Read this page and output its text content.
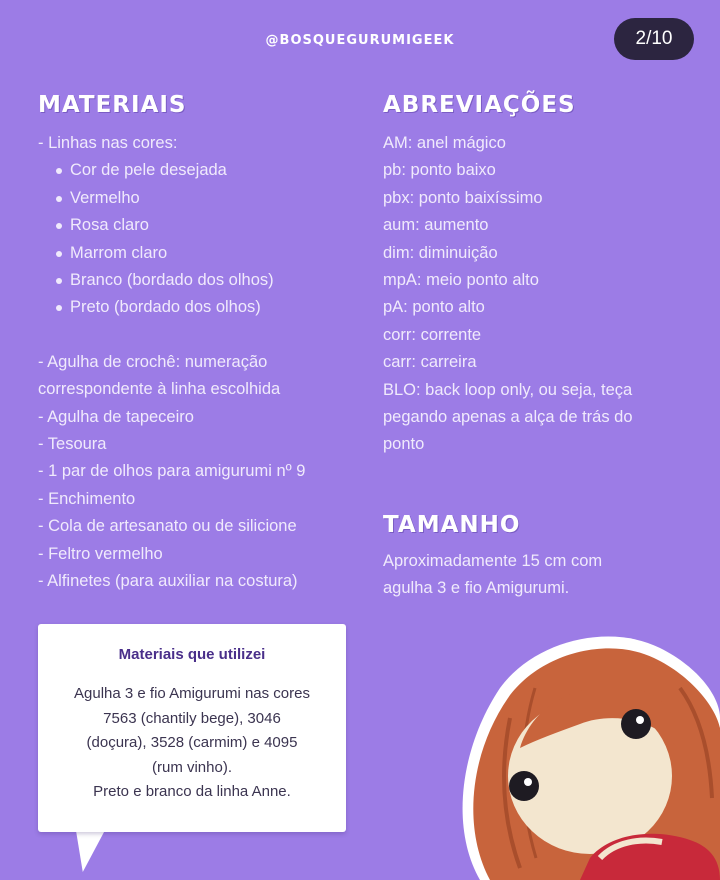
@BOSQUEGURUMIGEEK	2/10
MATERIAIS
- Linhas nas cores:
Cor de pele desejada
Vermelho
Rosa claro
Marrom claro
Branco (bordado dos olhos)
Preto (bordado dos olhos)
- Agulha de crochê: numeração
correspondente à linha escolhida
- Agulha de tapeceiro
- Tesoura
- 1 par de olhos para amigurumi nº 9
- Enchimento
- Cola de artesanato ou de silicione
- Feltro vermelho
- Alfinetes (para auxiliar na costura)
ABREVIAÇÕES
AM: anel mágico
pb: ponto baixo
pbx: ponto baixíssimo
aum: aumento
dim: diminuição
mpA: meio ponto alto
pA: ponto alto
corr: corrente
carr: carreira
BLO: back loop only, ou seja, teça
pegando apenas a alça de trás do
ponto
TAMANHO
Aproximadamente 15 cm com
agulha 3 e fio Amigurumi.
Materiais que utilizei
Agulha 3 e fio Amigurumi nas cores
7563 (chantily bege), 3046
(doçura), 3528 (carmim) e 4095
(rum vinho).
Preto e branco da linha Anne.
